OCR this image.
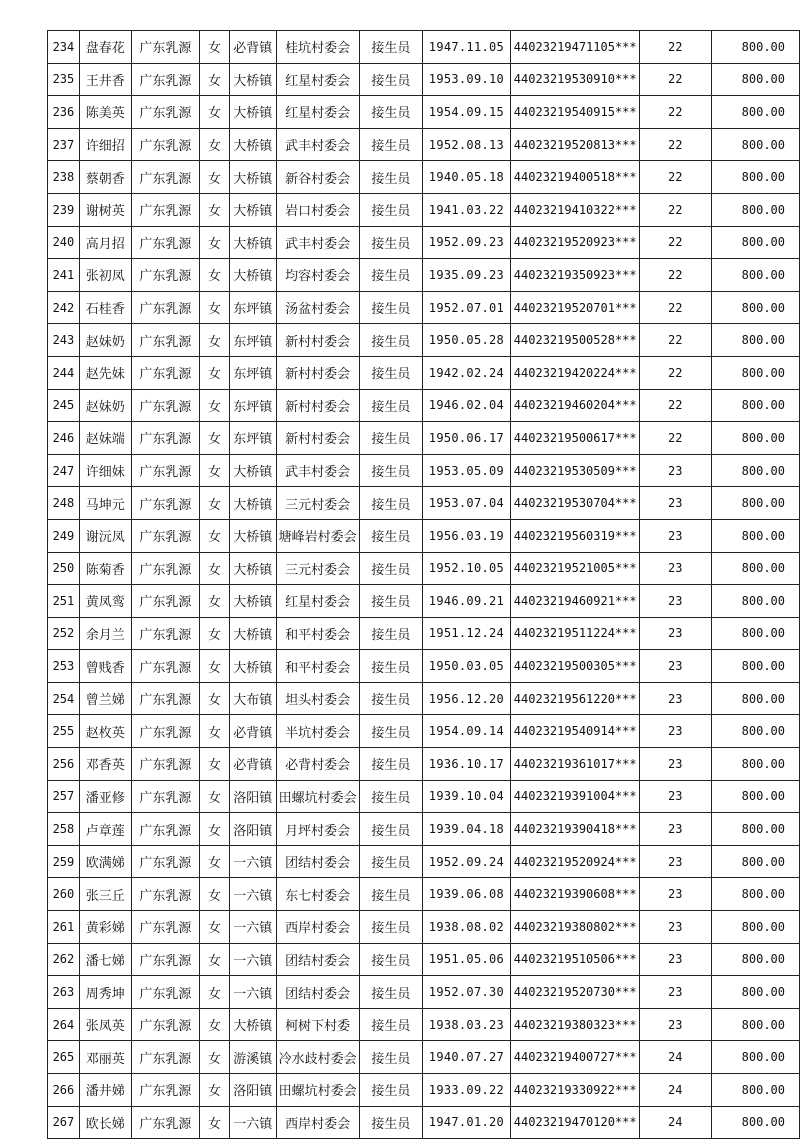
234	盘春花	广东乳源	女	必背镇	桂坑村委会	接生员	1947.11.05	44023219471105***	22	800.00
235	王井香	广东乳源	女	大桥镇	红星村委会	接生员	1953.09.10	44023219530910***	22	800.00
236	陈美英	广东乳源	女	大桥镇	红星村委会	接生员	1954.09.15	44023219540915***	22	800.00
237	许细招	广东乳源	女	大桥镇	武丰村委会	接生员	1952.08.13	44023219520813***	22	800.00
238	蔡朝香	广东乳源	女	大桥镇	新谷村委会	接生员	1940.05.18	44023219400518***	22	800.00
239	谢树英	广东乳源	女	大桥镇	岩口村委会	接生员	1941.03.22	44023219410322***	22	800.00
240	高月招	广东乳源	女	大桥镇	武丰村委会	接生员	1952.09.23	44023219520923***	22	800.00
241	张初凤	广东乳源	女	大桥镇	均容村委会	接生员	1935.09.23	44023219350923***	22	800.00
242	石桂香	广东乳源	女	东坪镇	汤盆村委会	接生员	1952.07.01	44023219520701***	22	800.00
243	赵妹奶	广东乳源	女	东坪镇	新村村委会	接生员	1950.05.28	44023219500528***	22	800.00
244	赵先妹	广东乳源	女	东坪镇	新村村委会	接生员	1942.02.24	44023219420224***	22	800.00
245	赵妹奶	广东乳源	女	东坪镇	新村村委会	接生员	1946.02.04	44023219460204***	22	800.00
246	赵妹端	广东乳源	女	东坪镇	新村村委会	接生员	1950.06.17	44023219500617***	22	800.00
247	许细妹	广东乳源	女	大桥镇	武丰村委会	接生员	1953.05.09	44023219530509***	23	800.00
248	马坤元	广东乳源	女	大桥镇	三元村委会	接生员	1953.07.04	44023219530704***	23	800.00
249	谢沅凤	广东乳源	女	大桥镇	塘峰岩村委会	接生员	1956.03.19	44023219560319***	23	800.00
250	陈菊香	广东乳源	女	大桥镇	三元村委会	接生员	1952.10.05	44023219521005***	23	800.00
251	黄凤鸾	广东乳源	女	大桥镇	红星村委会	接生员	1946.09.21	44023219460921***	23	800.00
252	余月兰	广东乳源	女	大桥镇	和平村委会	接生员	1951.12.24	44023219511224***	23	800.00
253	曾贱香	广东乳源	女	大桥镇	和平村委会	接生员	1950.03.05	44023219500305***	23	800.00
254	曾兰娣	广东乳源	女	大布镇	坦头村委会	接生员	1956.12.20	44023219561220***	23	800.00
255	赵枚英	广东乳源	女	必背镇	半坑村委会	接生员	1954.09.14	44023219540914***	23	800.00
256	邓香英	广东乳源	女	必背镇	必背村委会	接生员	1936.10.17	44023219361017***	23	800.00
257	潘亚修	广东乳源	女	洛阳镇	田螺坑村委会	接生员	1939.10.04	44023219391004***	23	800.00
258	卢章莲	广东乳源	女	洛阳镇	月坪村委会	接生员	1939.04.18	44023219390418***	23	800.00
259	欧满娣	广东乳源	女	一六镇	团结村委会	接生员	1952.09.24	44023219520924***	23	800.00
260	张三丘	广东乳源	女	一六镇	东七村委会	接生员	1939.06.08	44023219390608***	23	800.00
261	黄彩娣	广东乳源	女	一六镇	西岸村委会	接生员	1938.08.02	44023219380802***	23	800.00
262	潘七娣	广东乳源	女	一六镇	团结村委会	接生员	1951.05.06	44023219510506***	23	800.00
263	周秀坤	广东乳源	女	一六镇	团结村委会	接生员	1952.07.30	44023219520730***	23	800.00
264	张凤英	广东乳源	女	大桥镇	柯树下村委	接生员	1938.03.23	44023219380323***	23	800.00
265	邓丽英	广东乳源	女	游溪镇	冷水歧村委会	接生员	1940.07.27	44023219400727***	24	800.00
266	潘井娣	广东乳源	女	洛阳镇	田螺坑村委会	接生员	1933.09.22	44023219330922***	24	800.00
267	欧长娣	广东乳源	女	一六镇	西岸村委会	接生员	1947.01.20	44023219470120***	24	800.00
